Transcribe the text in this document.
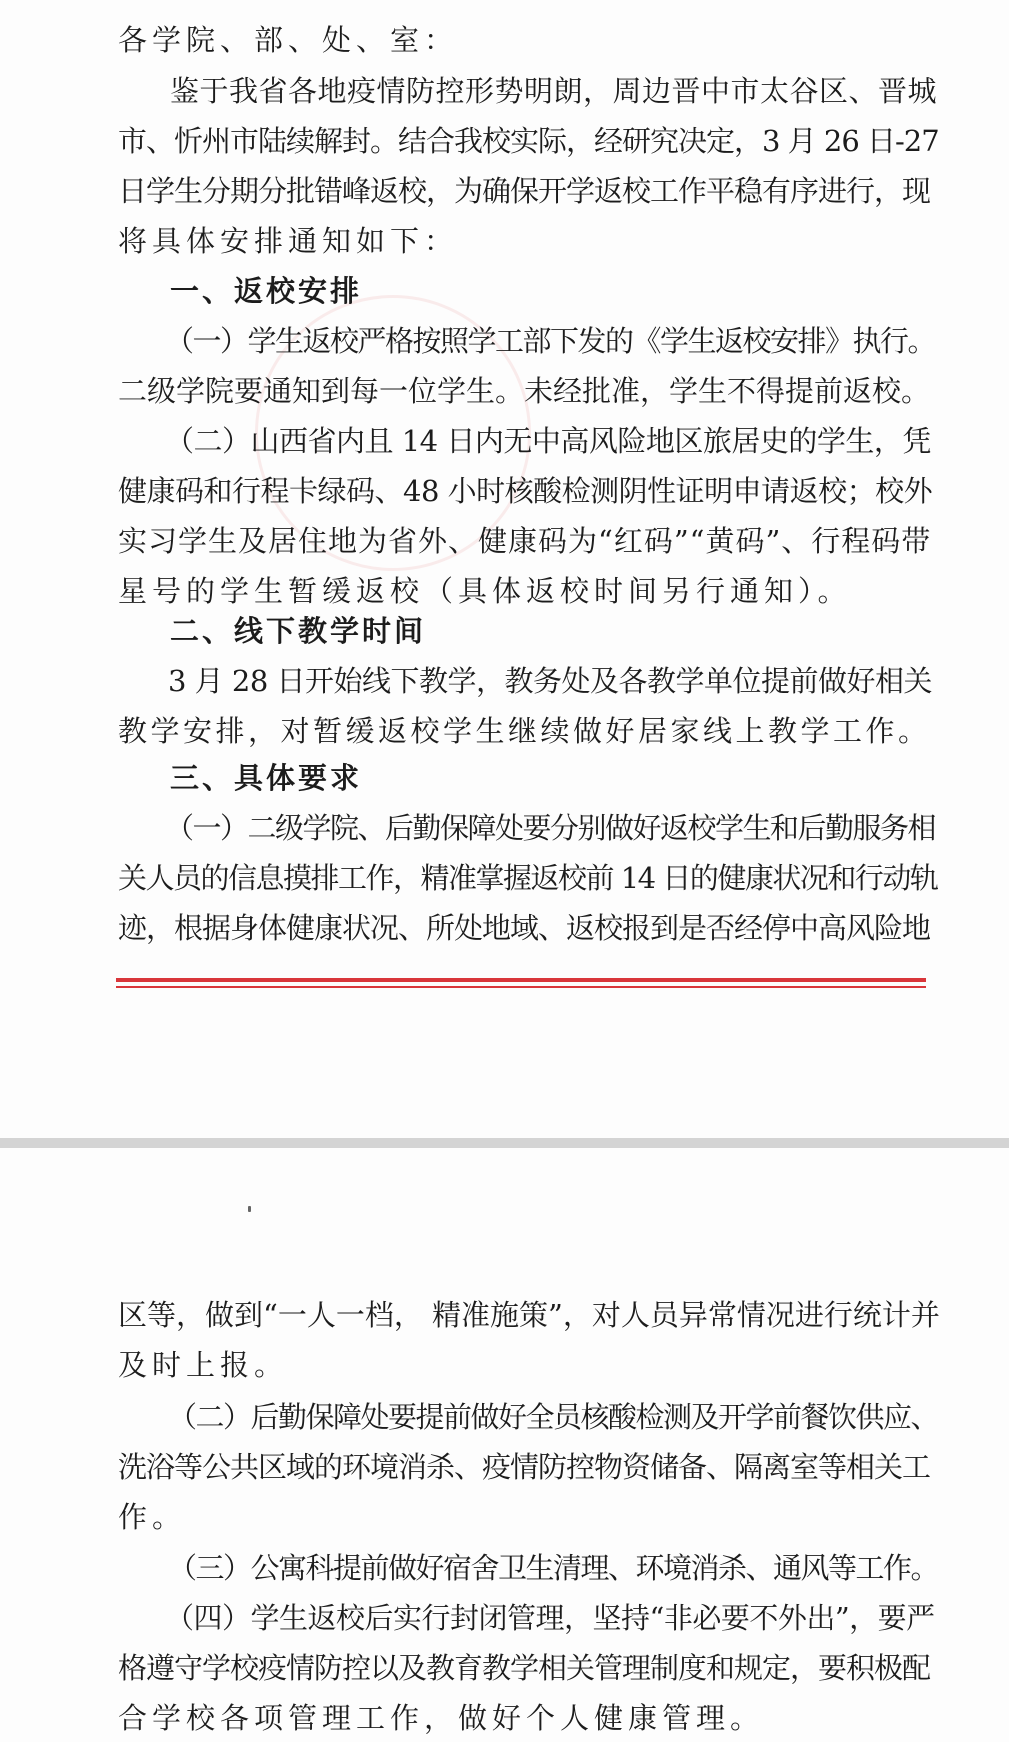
各学院、部、处、室：
鉴于我省各地疫情防控形势明朗，周边晋中市太谷区、晋城
市、忻州市陆续解封。结合我校实际，经研究决定，3 月 26 日-27
日学生分期分批错峰返校，为确保开学返校工作平稳有序进行，现
将具体安排通知如下：
一、返校安排
（一）学生返校严格按照学工部下发的《学生返校安排》执行。
二级学院要通知到每一位学生。未经批准，学生不得提前返校。
（二）山西省内且 14 日内无中高风险地区旅居史的学生，凭
健康码和行程卡绿码、48 小时核酸检测阴性证明申请返校；校外
实习学生及居住地为省外、健康码为“红码”“黄码”、行程码带
星号的学生暂缓返校（具体返校时间另行通知）。
二、线下教学时间
3 月 28 日开始线下教学，教务处及各教学单位提前做好相关
教学安排，对暂缓返校学生继续做好居家线上教学工作。
三、具体要求
（一）二级学院、后勤保障处要分别做好返校学生和后勤服务相
关人员的信息摸排工作，精准掌握返校前 14 日的健康状况和行动轨
迹，根据身体健康状况、所处地域、返校报到是否经停中高风险地
区等，做到“一人一档， 精准施策”，对人员异常情况进行统计并
及时上报。
（二）后勤保障处要提前做好全员核酸检测及开学前餐饮供应、
洗浴等公共区域的环境消杀、疫情防控物资储备、隔离室等相关工
作。
（三）公寓科提前做好宿舍卫生清理、环境消杀、通风等工作。
（四）学生返校后实行封闭管理，坚持“非必要不外出”，要严
格遵守学校疫情防控以及教育教学相关管理制度和规定，要积极配
合学校各项管理工作，做好个人健康管理。
